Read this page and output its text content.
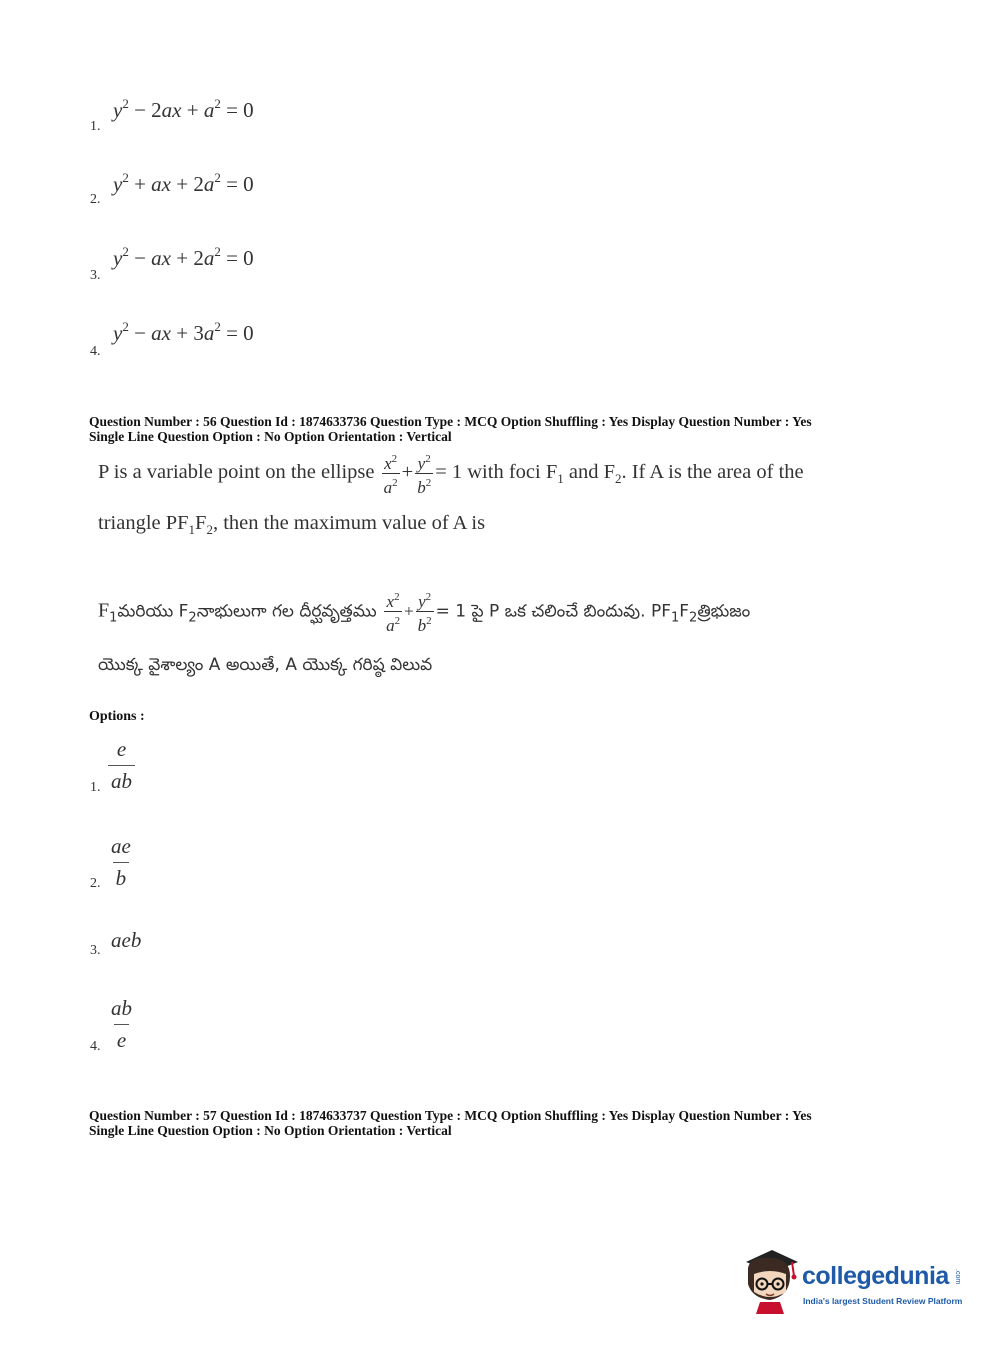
1.
$y^2 - 2ax + a^2 = 0$
2.
$y^2$ + ax + $2a^2 = 0$
3.
$y^2$ − ax + $2a^2 = 0$
4.
$y^2$ − ax + $3a^2 = 0$
Question Number : 56 Question Id : 1874633736 Question Type : MCQ Option Shuffling : Yes Display Question Number : Yes
Single Line Question Option : No Option Orientation : Vertical
P is a variable point on the ellipse $\frac{x^2}{a^2} + \frac{y^2}{b^2} = 1$ with foci $F_1$ and $F_2$. If A is the area of the
triangle $PF_1F_2$, then the maximum value of A is
$F_1మరియు$ $F_2నాభులుగా$ గల దీర్ఘవృత్తము $\frac{x^2}{a^2} + \frac{y^2}{b^2} = 1$ పై P ఒక చలించే బిందువు. $PF_1F_2త్రిభుజం$
యొక్క వైశాల్యం A అయితే, A యొక్క గరిష్ఠ విలువ
Options :
1.
e
ab
2.
ae
b
3. aeb
4.
ab
e
Question Number : 57 Question Id : 1874633737 Question Type : MCQ Option Shuffling : Yes Display Question Number : Yes
Single Line Question Option : No Option Orientation : Vertical
collegedunia .com
India's largest Student Review Platform
